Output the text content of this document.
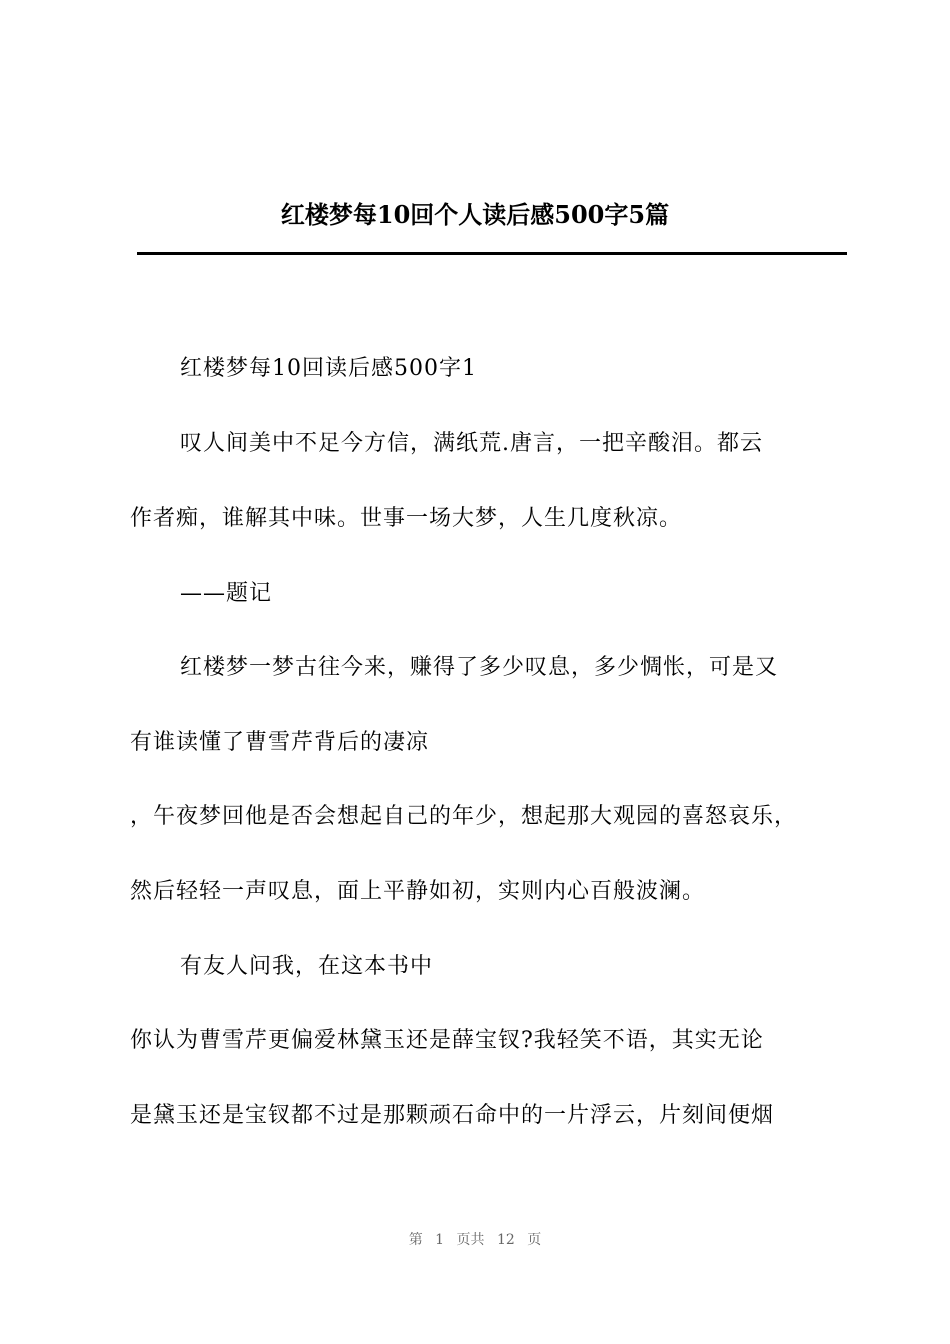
红楼梦每10回个人读后感500字5篇
红楼梦每10回读后感500字1
叹人间美中不足今方信，满纸荒.唐言，一把辛酸泪。都云
作者痴，谁解其中味。世事一场大梦，人生几度秋凉。
——题记
红楼梦一梦古往今来，赚得了多少叹息，多少惆怅，可是又
有谁读懂了曹雪芹背后的凄凉
，午夜梦回他是否会想起自己的年少，想起那大观园的喜怒哀乐，
然后轻轻一声叹息，面上平静如初，实则内心百般波澜。
有友人问我，在这本书中
你认为曹雪芹更偏爱林黛玉还是薛宝钗?我轻笑不语，其实无论
是黛玉还是宝钗都不过是那颗顽石命中的一片浮云，片刻间便烟
第 1 页共 12 页
